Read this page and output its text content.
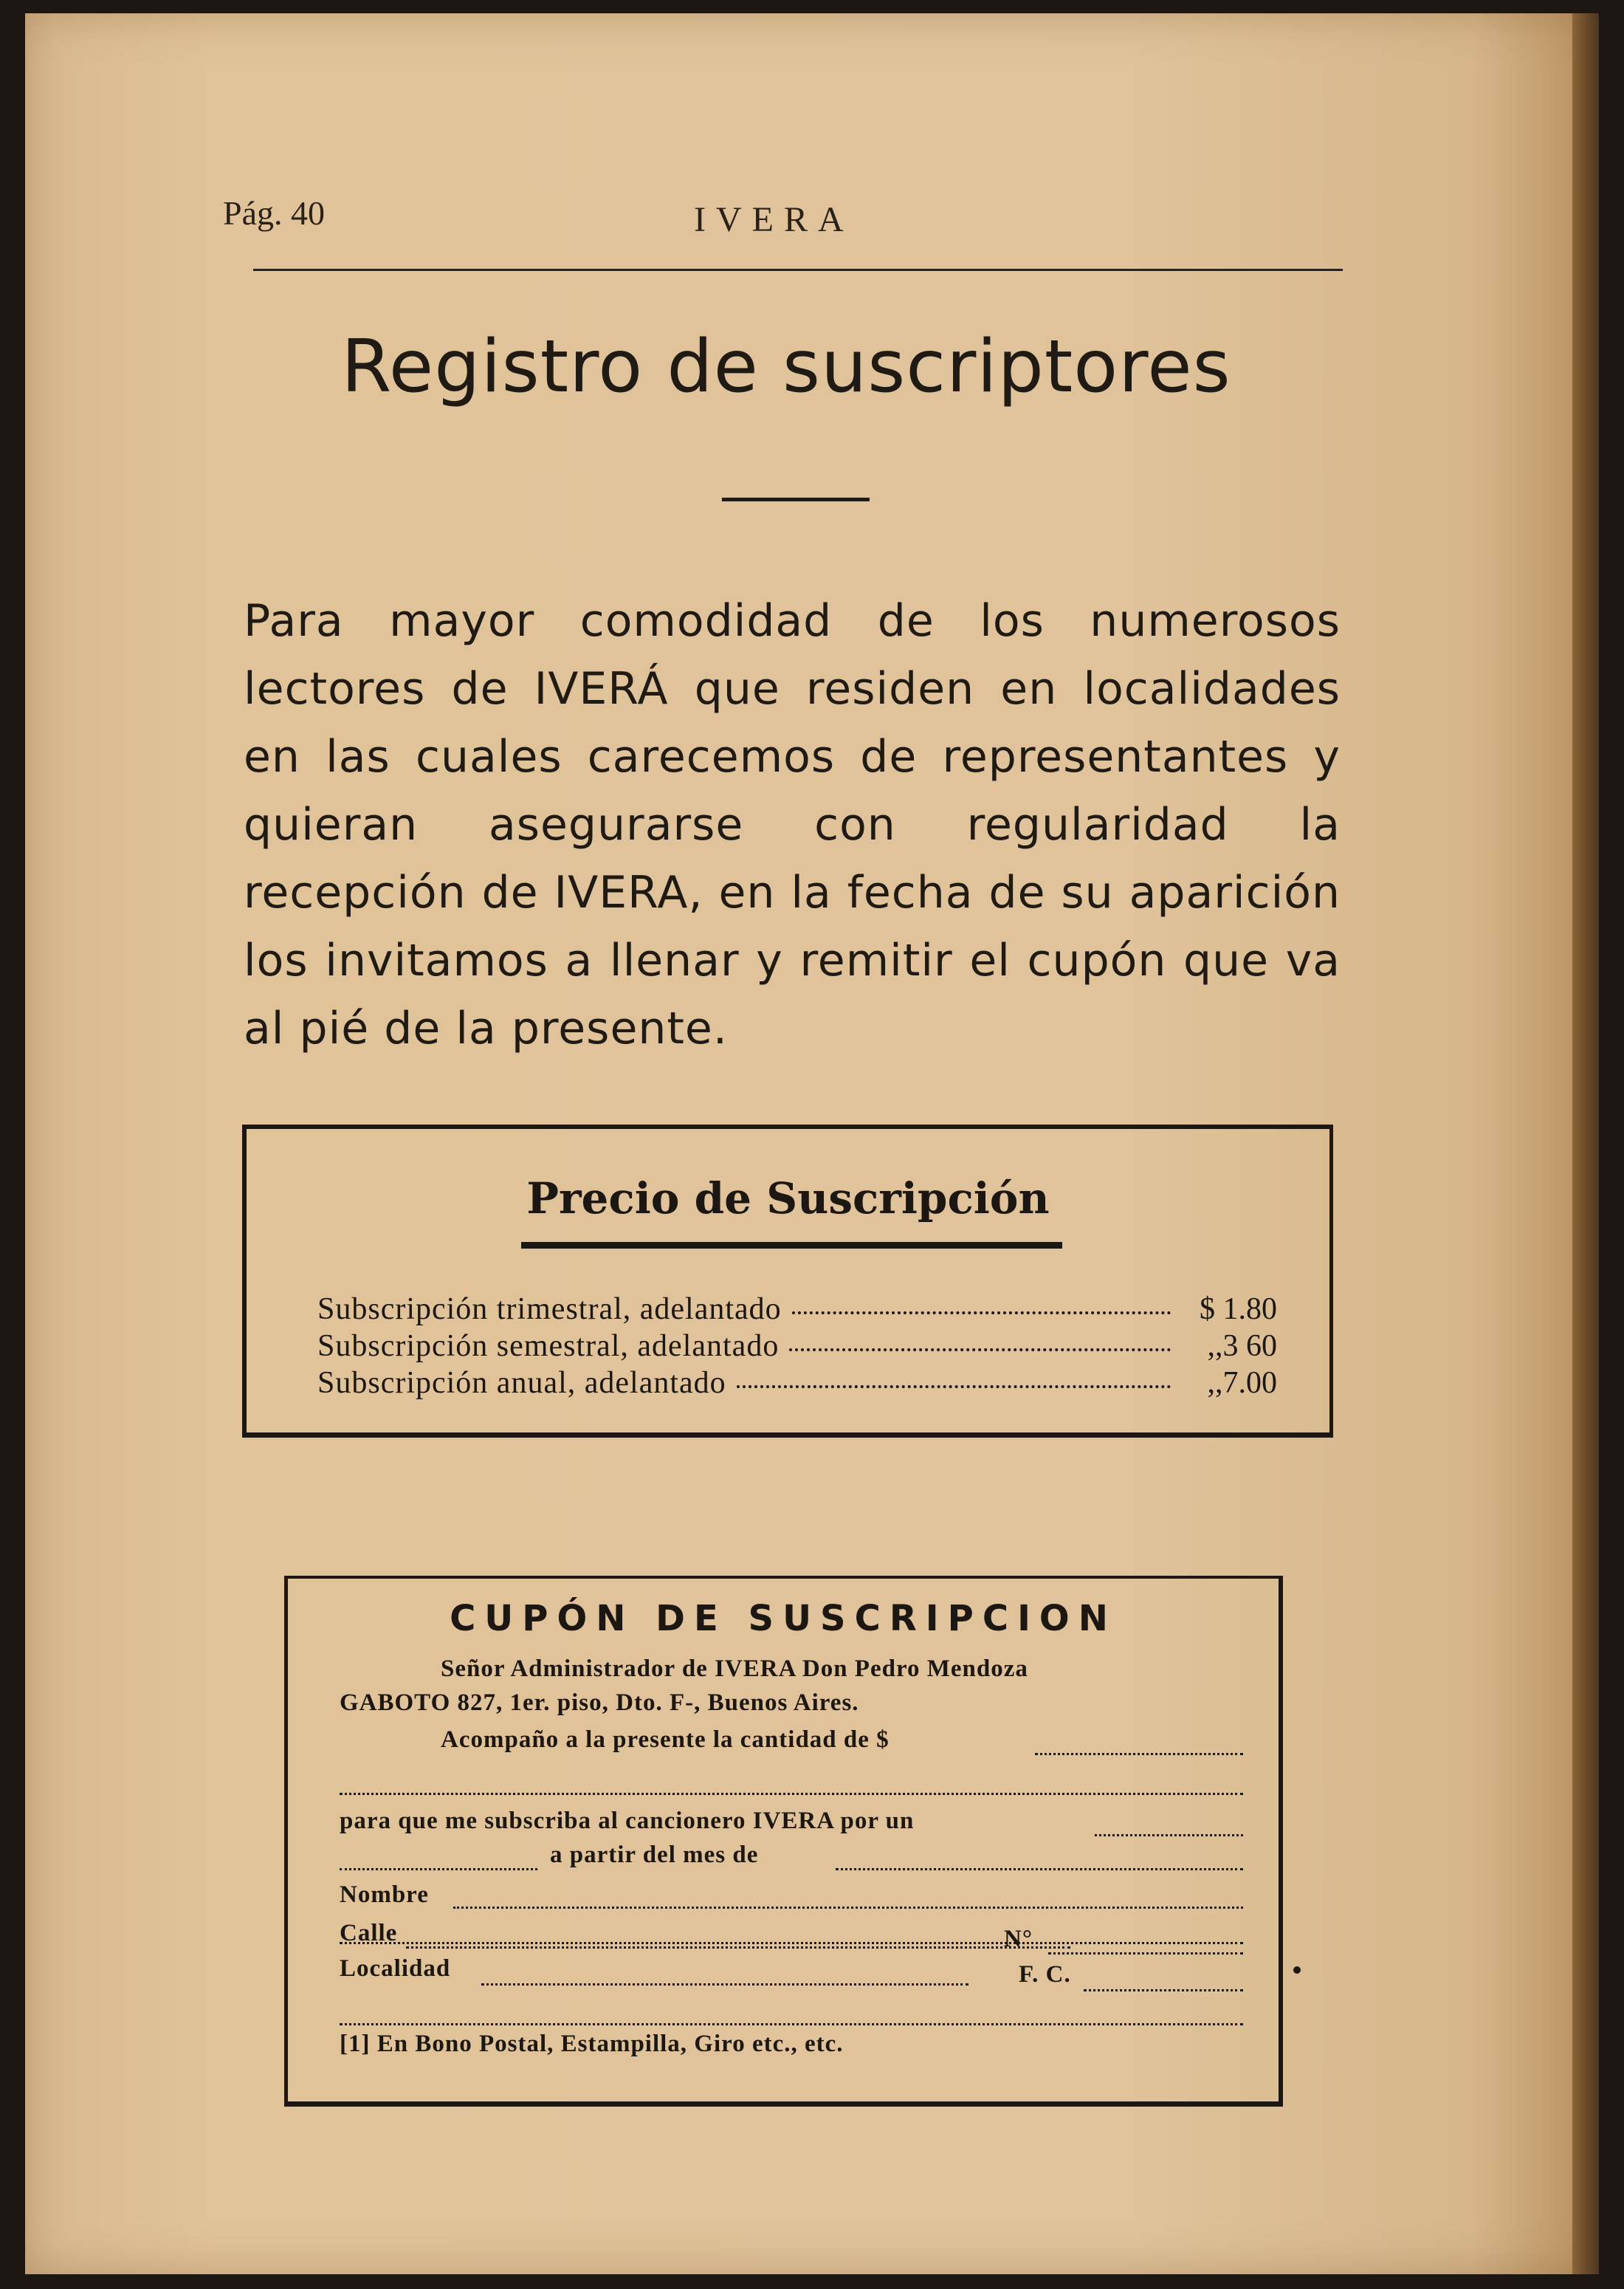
Pág. 40	IVERA
Registro de suscriptores
Para mayor comodidad de los numerosos lectores de IVERÁ que residen en localidades en las cuales carecemos de representantes y quieran asegurarse con regularidad la recepción de IVERA, en la fecha de su aparición los invitamos a llenar y remitir el cupón que va al pié de la presente.
Precio de Suscripción
Subscripción trimestral, adelantado	$ 1.80
Subscripción semestral, adelantado	,,3 60
Subscripción anual, adelantado	,,7.00
CUPÓN DE SUSCRIPCION
Señor Administrador de IVERA Don Pedro Mendoza
GABOTO 827, 1er. piso, Dto. F-, Buenos Aires.
Acompaño a la presente la cantidad de $
para que me subscriba al cancionero IVERA por un
a partir del mes de
Nombre
Calle	N°
Localidad	F. C.
[1] En Bono Postal, Estampilla, Giro etc., etc.
